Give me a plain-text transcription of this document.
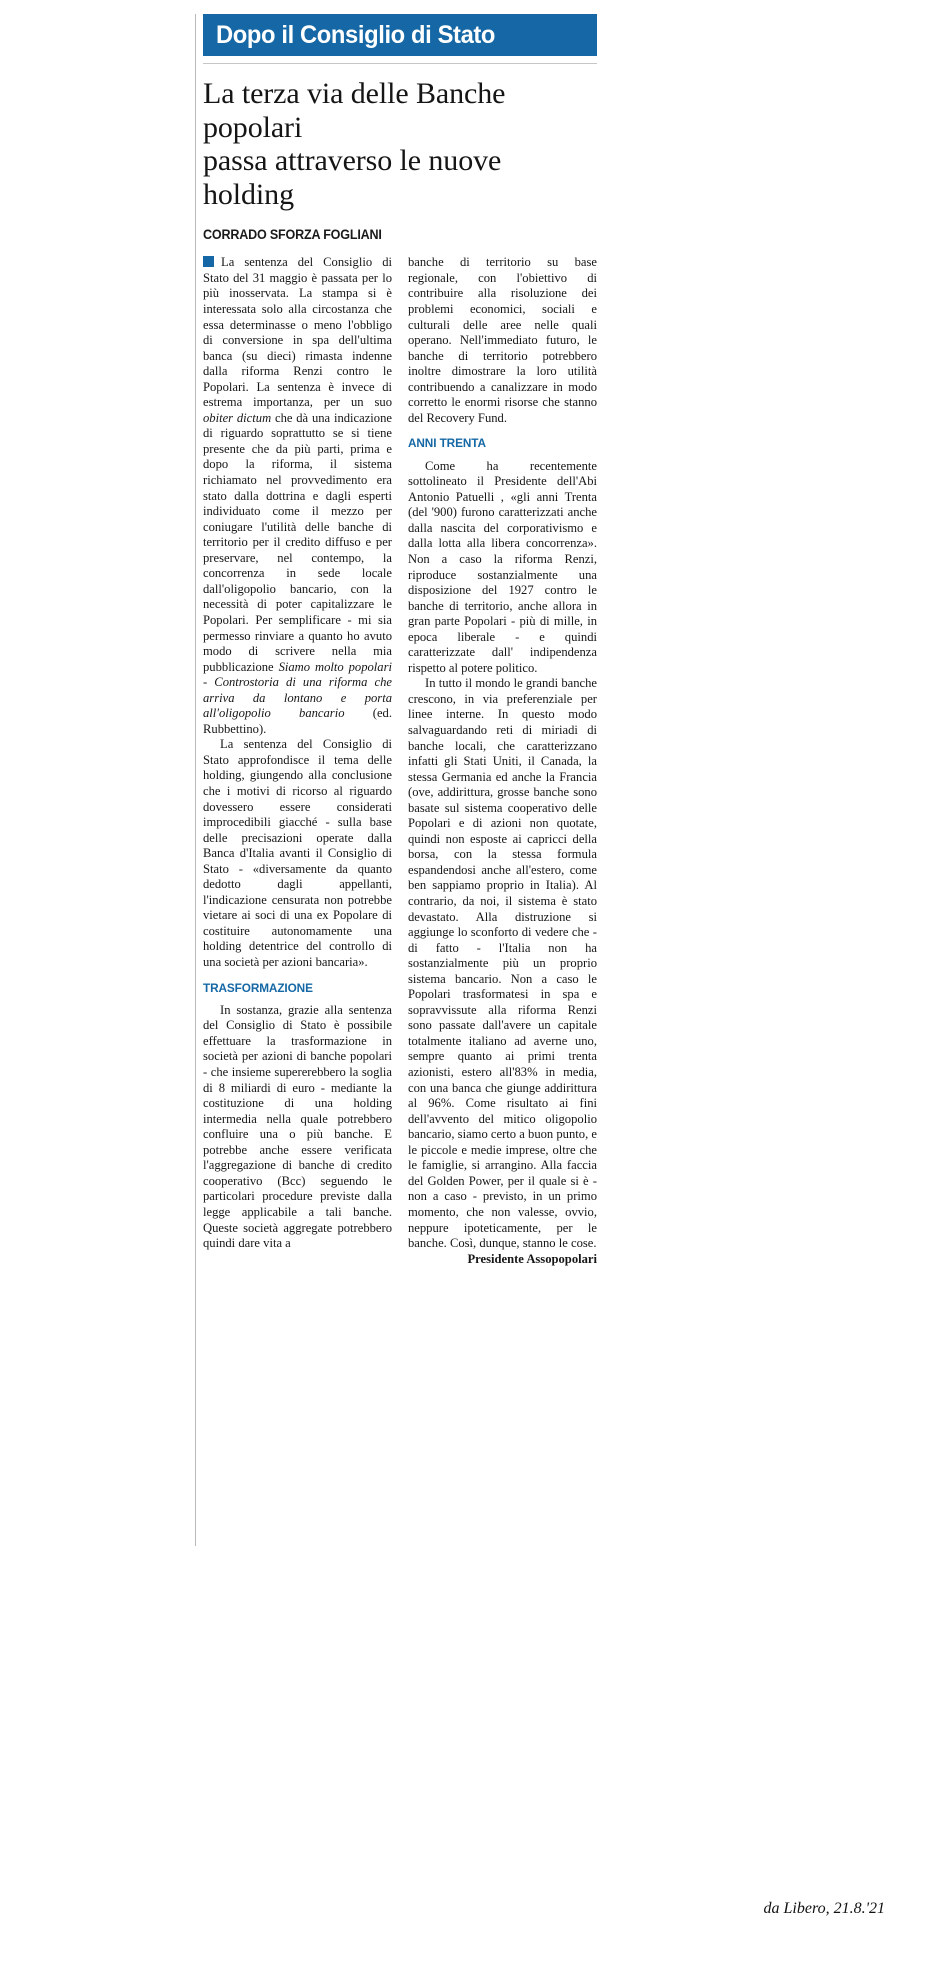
Dopo il Consiglio di Stato
La terza via delle Banche popolari
passa attraverso le nuove holding
CORRADO SFORZA FOGLIANI

La sentenza del Consiglio di Stato del 31 maggio è passata per lo più inosservata. La stampa si è interessata solo alla circostanza che essa determinasse o meno l'obbligo di conversione in spa dell'ultima banca (su dieci) rimasta indenne dalla riforma Renzi contro le Popolari. La sentenza è invece di estrema importanza, per un suo obiter dictum che dà una indicazione di riguardo soprattutto se si tiene presente che da più parti, prima e dopo la riforma, il sistema richiamato nel provvedimento era stato dalla dottrina e dagli esperti individuato come il mezzo per coniugare l'utilità delle banche di territorio per il credito diffuso e per preservare, nel contempo, la concorrenza in sede locale dall'oligopolio bancario, con la necessità di poter capitalizzare le Popolari. Per semplificare - mi sia permesso rinviare a quanto ho avuto modo di scrivere nella mia pubblicazione Siamo molto popolari - Controstoria di una riforma che arriva da lontano e porta all'oligopolio bancario (ed. Rubbettino).

La sentenza del Consiglio di Stato approfondisce il tema delle holding, giungendo alla conclusione che i motivi di ricorso al riguardo dovessero essere considerati improcedibili giacché - sulla base delle precisazioni operate dalla Banca d'Italia avanti il Consiglio di Stato - «diversamente da quanto dedotto dagli appellanti, l'indicazione censurata non potrebbe vietare ai soci di una ex Popolare di costituire autonomamente una holding detentrice del controllo di una società per azioni bancaria».

TRASFORMAZIONE

In sostanza, grazie alla sentenza del Consiglio di Stato è possibile effettuare la trasformazione in società per azioni di banche popolari - che insieme supererebbero la soglia di 8 miliardi di euro - mediante la costituzione di una holding intermedia nella quale potrebbero confluire una o più banche. E potrebbe anche essere verificata l'aggregazione di banche di credito cooperativo (Bcc) seguendo le particolari procedure previste dalla legge applicabile a tali banche. Queste società aggregate potrebbero quindi dare vita a

banche di territorio su base regionale, con l'obiettivo di contribuire alla risoluzione dei problemi economici, sociali e culturali delle aree nelle quali operano. Nell'immediato futuro, le banche di territorio potrebbero inoltre dimostrare la loro utilità contribuendo a canalizzare in modo corretto le enormi risorse che stanno del Recovery Fund.

ANNI TRENTA

Come ha recentemente sottolineato il Presidente dell'Abi Antonio Patuelli , «gli anni Trenta (del '900) furono caratterizzati anche dalla nascita del corporativismo e dalla lotta alla libera concorrenza». Non a caso la riforma Renzi, riproduce sostanzialmente una disposizione del 1927 contro le banche di territorio, anche allora in gran parte Popolari - più di mille, in epoca liberale - e quindi caratterizzate dall' indipendenza rispetto al potere politico.

In tutto il mondo le grandi banche crescono, in via preferenziale per linee interne. In questo modo salvaguardando reti di miriadi di banche locali, che caratterizzano infatti gli Stati Uniti, il Canada, la stessa Germania ed anche la Francia (ove, addirittura, grosse banche sono basate sul sistema cooperativo delle Popolari e di azioni non quotate, quindi non esposte ai capricci della borsa, con la stessa formula espandendosi anche all'estero, come ben sappiamo proprio in Italia). Al contrario, da noi, il sistema è stato devastato. Alla distruzione si aggiunge lo sconforto di vedere che - di fatto - l'Italia non ha sostanzialmente più un proprio sistema bancario. Non a caso le Popolari trasformatesi in spa e sopravvissute alla riforma Renzi sono passate dall'avere un capitale totalmente italiano ad averne uno, sempre quanto ai primi trenta azionisti, estero all'83% in media, con una banca che giunge addirittura al 96%. Come risultato ai fini dell'avvento del mitico oligopolio bancario, siamo certo a buon punto, e le piccole e medie imprese, oltre che le famiglie, si arrangino. Alla faccia del Golden Power, per il quale si è - non a caso - previsto, in un primo momento, che non valesse, ovvio, neppure ipoteticamente, per le banche. Così, dunque, stanno le cose.

Presidente Assopopolari

da Libero, 21.8.'21
